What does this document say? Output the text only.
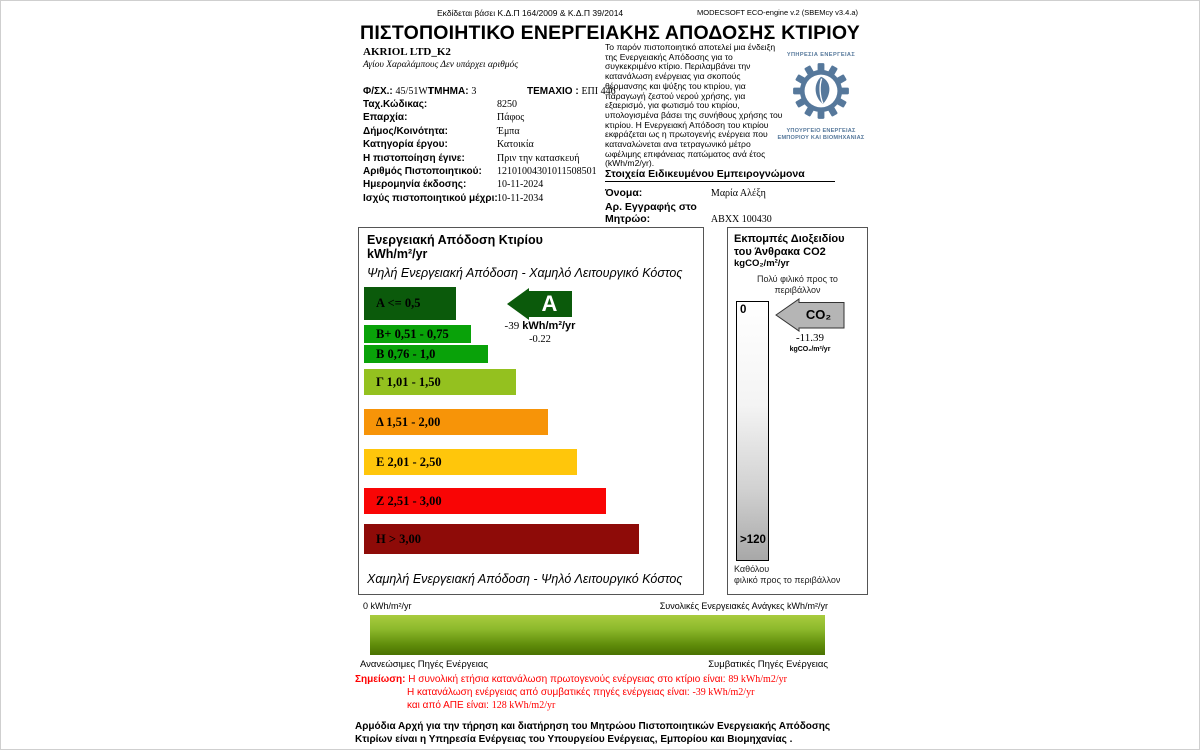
Εκδίδεται βάσει Κ.Δ.Π 164/2009 & Κ.Δ.Π 39/2014	MODECSOFT ECO-engine v.2 (SBEMcy v3.4.a)
ΠΙΣΤΟΠΟΙΗΤΙΚΟ ΕΝΕΡΓΕΙΑΚΗΣ ΑΠΟΔΟΣΗΣ ΚΤΙΡΙΟΥ
AKRIOL LTD_K2
Αγίου Χαραλάμπους Δεν υπάρχει αριθμός
Το παρόν πιστοποιητικό αποτελεί μια ένδειξη της Ενεργειακής Απόδοσης για το συγκεκριμένο κτίριο. Περιλαμβάνει την κατανάλωση ενέργειας για σκοπούς θέρμανσης και ψύξης του κτιρίου, για παραγωγή ζεστού νερού χρήσης, για εξαερισμό, για φωτισμό του κτιρίου, υπολογισμένα βάσει της συνήθους χρήσης του κτιρίου. Η Ενεργειακή Απόδοση του κτιρίου εκφράζεται ως η πρωτογενής ενέργεια που καταναλώνεται ανα τετραγωνικό μέτρο ωφέλιμης επιφάνειας πατώματος ανά έτος (kWh/m2/yr).
ΥΠΗΡΕΣΙΑ ΕΝΕΡΓΕΙΑΣ
ΥΠΟΥΡΓΕΙΟ ΕΝΕΡΓΕΙΑΣ
ΕΜΠΟΡΙΟΥ ΚΑΙ ΒΙΟΜΗΧΑΝΙΑΣ
Φ/ΣΧ.: 45/51W1
ΤΜΗΜΑ: 3	ΤΕΜΑΧΙΟ : ΕΠΙ 446
Ταχ.Κώδικας:	8250
Επαρχία:	Πάφος
Δήμος/Κοινότητα:	Έμπα
Κατηγορία έργου:	Κατοικία
Η πιστοποίηση έγινε:	Πριν την κατασκευή
Αριθμός Πιστοποιητικού: 12101004301011508501
Ημερομηνία έκδοσης:	10-11-2024
Ισχύς πιστοποιητικού μέχρι:10-11-2034
Στοιχεία Ειδικευμένου Εμπειρογνώμονα
Όνομα:	Μαρία Αλέξη
Αρ. Εγγραφής στο Μητρώο:	ABXX 100430
Ενεργειακή Απόδοση Κτιρίου
kWh/m²/yr
Ψηλή Ενεργειακή Απόδοση - Χαμηλό Λειτουργικό Κόστος
Α <= 0,5
Β+ 0,51 - 0,75
Β 0,76 - 1,0
Γ 1,01 - 1,50
Δ 1,51 - 2,00
Ε 2,01 - 2,50
Ζ 2,51 - 3,00
Η > 3,00
Χαμηλή Ενεργειακή Απόδοση - Ψηλό Λειτουργικό Κόστος
Α
-39 kWh/m²/yr
-0.22
Εκπομπές Διοξειδίου
του Άνθρακα CO2
kgCO₂/m²/yr
Πολύ φιλικό προς το
περιβάλλον
0
>120
CO₂
-11.39
kgCO₂/m²/yr
Καθόλου
φιλικό προς το περιβάλλον
0 kWh/m²/yr	Συνολικές Ενεργειακές Ανάγκες kWh/m²/yr
Ανανεώσιμες Πηγές Ενέργειας	Συμβατικές Πηγές Ενέργειας
Σημείωση: Η συνολική ετήσια κατανάλωση πρωτογενούς ενέργειας στο κτίριο είναι: 89 kWh/m2/yr
Η κατανάλωση ενέργειας από συμβατικές πηγές ενέργειας είναι: -39 kWh/m2/yr
και από ΑΠΕ είναι: 128 kWh/m2/yr
Αρμόδια Αρχή για την τήρηση και διατήρηση του Μητρώου Πιστοποιητικών Ενεργειακής Απόδοσης Κτιρίων είναι η Υπηρεσία Ενέργειας του Υπουργείου Ενέργειας, Εμπορίου και Βιομηχανίας .
